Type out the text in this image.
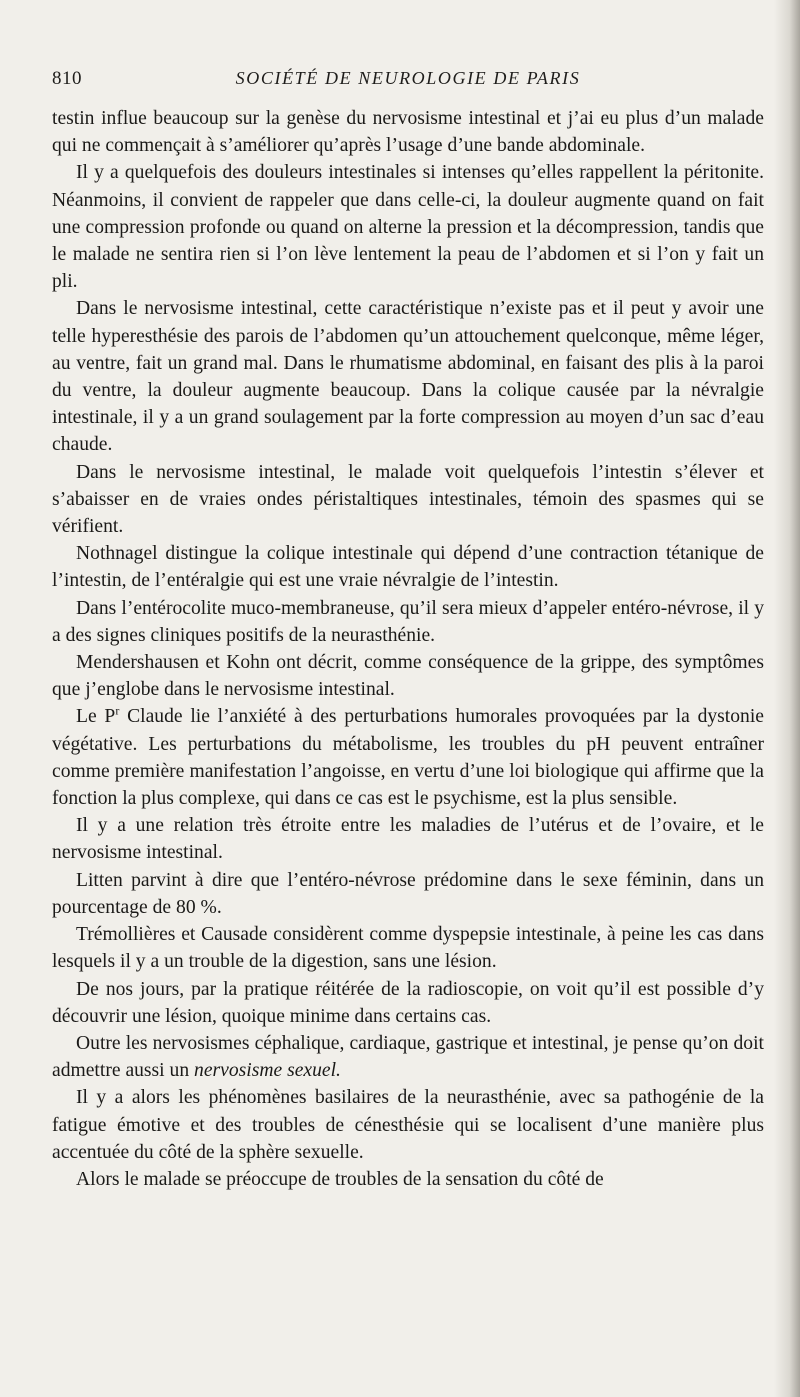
810	SOCIÉTÉ DE NEUROLOGIE DE PARIS

testin influe beaucoup sur la genèse du nervosisme intestinal et j’ai eu plus d’un malade qui ne commençait à s’améliorer qu’après l’usage d’une bande abdominale.

Il y a quelquefois des douleurs intestinales si intenses qu’elles rappellent la péritonite. Néanmoins, il convient de rappeler que dans celle-ci, la douleur augmente quand on fait une compression profonde ou quand on alterne la pression et la décompression, tandis que le malade ne sentira rien si l’on lève lentement la peau de l’abdomen et si l’on y fait un pli.

Dans le nervosisme intestinal, cette caractéristique n’existe pas et il peut y avoir une telle hyperesthésie des parois de l’abdomen qu’un attouchement quelconque, même léger, au ventre, fait un grand mal. Dans le rhumatisme abdominal, en faisant des plis à la paroi du ventre, la douleur augmente beaucoup. Dans la colique causée par la névralgie intestinale, il y a un grand soulagement par la forte compression au moyen d’un sac d’eau chaude.

Dans le nervosisme intestinal, le malade voit quelquefois l’intestin s’élever et s’abaisser en de vraies ondes péristaltiques intestinales, témoin des spasmes qui se vérifient.

Nothnagel distingue la colique intestinale qui dépend d’une contraction tétanique de l’intestin, de l’entéralgie qui est une vraie névralgie de l’intestin.

Dans l’entérocolite muco-membraneuse, qu’il sera mieux d’appeler entéro-névrose, il y a des signes cliniques positifs de la neurasthénie.

Mendershausen et Kohn ont décrit, comme conséquence de la grippe, des symptômes que j’englobe dans le nervosisme intestinal.

Le $P^r$ Claude lie l’anxiété à des perturbations humorales provoquées par la dystonie végétative. Les perturbations du métabolisme, les troubles du pH peuvent entraîner comme première manifestation l’angoisse, en vertu d’une loi biologique qui affirme que la fonction la plus complexe, qui dans ce cas est le psychisme, est la plus sensible.

Il y a une relation très étroite entre les maladies de l’utérus et de l’ovaire, et le nervosisme intestinal.

Litten parvint à dire que l’entéro-névrose prédomine dans le sexe féminin, dans un pourcentage de 80 %.

Trémollières et Causade considèrent comme dyspepsie intestinale, à peine les cas dans lesquels il y a un trouble de la digestion, sans une lésion.

De nos jours, par la pratique réitérée de la radioscopie, on voit qu’il est possible d’y découvrir une lésion, quoique minime dans certains cas.

Outre les nervosismes céphalique, cardiaque, gastrique et intestinal, je pense qu’on doit admettre aussi un nervosisme sexuel.

Il y a alors les phénomènes basilaires de la neurasthénie, avec sa pathogénie de la fatigue émotive et des troubles de cénesthésie qui se localisent d’une manière plus accentuée du côté de la sphère sexuelle.

Alors le malade se préoccupe de troubles de la sensation du côté de
